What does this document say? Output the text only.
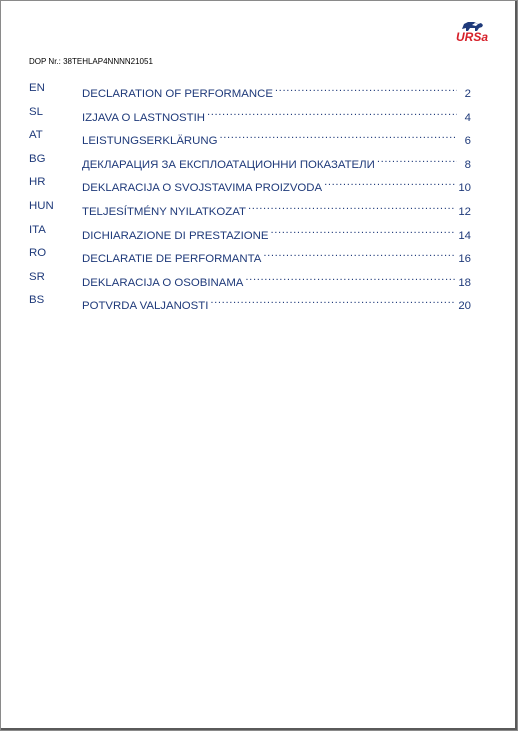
URSa
DOP Nr.: 38TEHLAP4NNNN21051
EN	DECLARATION OF PERFORMANCE .....	2
SL	IZJAVA O LASTNOSTIH .....	4
AT	LEISTUNGSERKLÄRUNG .....	6
BG	ДЕКЛАРАЦИЯ ЗА ЕКСПЛОАТАЦИОННИ ПОКАЗАТЕЛИ .....	8
HR	DEKLARACIJA O SVOJSTAVIMA PROIZVODA .....	10
HUN	TELJESÍTMÉNY NYILATKOZAT .....	12
ITA	DICHIARAZIONE DI PRESTAZIONE .....	14
RO	DECLARATIE DE PERFORMANTA .....	16
SR	DEKLARACIJA O OSOBINAMA .....	18
BS	POTVRDA VALJANOSTI .....	20
